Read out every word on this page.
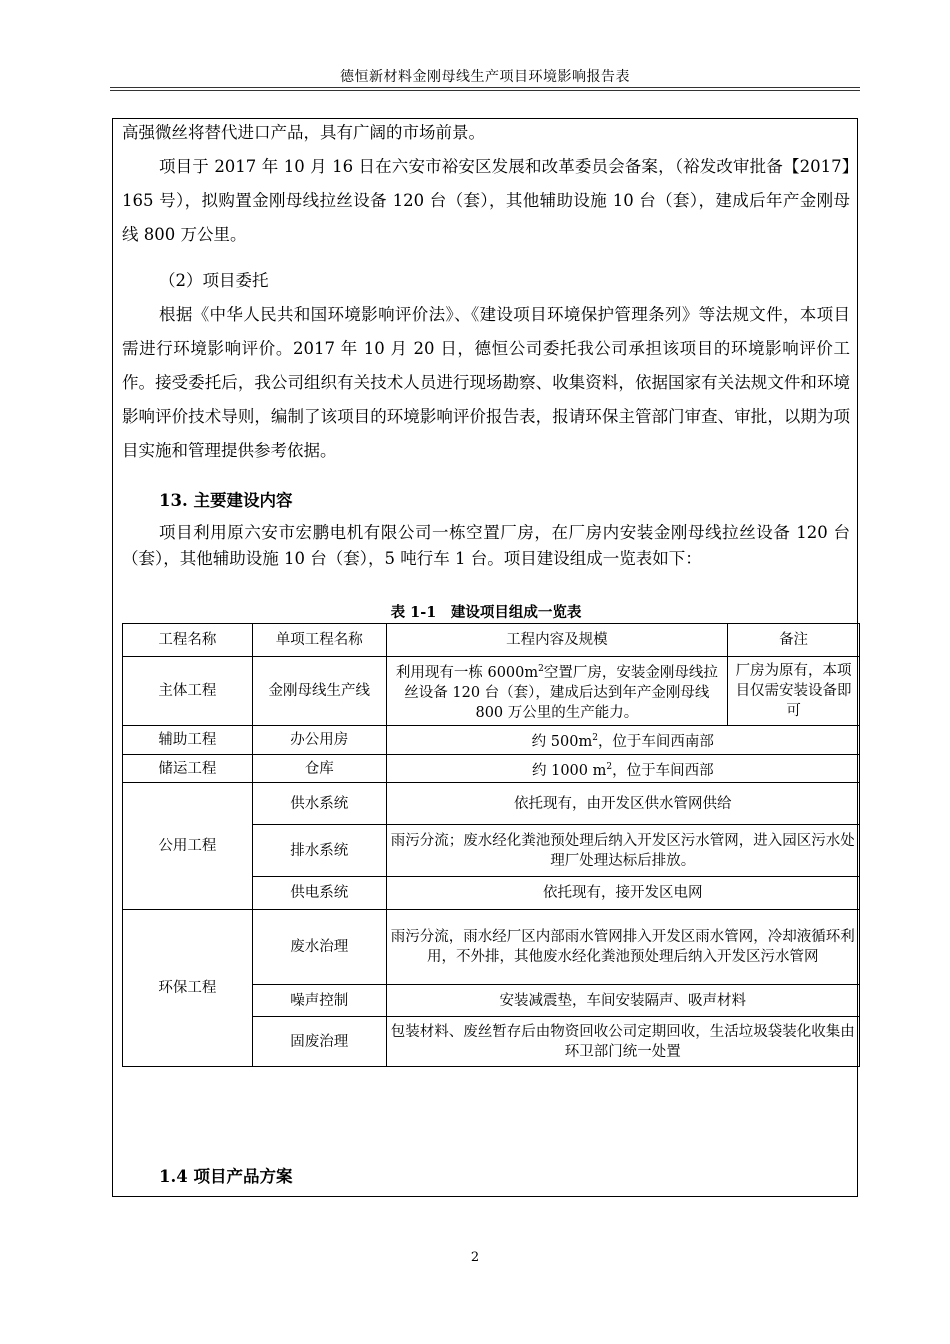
德恒新材料金刚母线生产项目环境影响报告表

高强微丝将替代进口产品，具有广阔的市场前景。

项目于 2017 年 10 月 16 日在六安市裕安区发展和改革委员会备案，（裕发改审批备【2017】165 号），拟购置金刚母线拉丝设备 120 台（套），其他辅助设施 10 台（套），建成后年产金刚母线 800 万公里。

（2）项目委托

根据《中华人民共和国环境影响评价法》、《建设项目环境保护管理条列》等法规文件，本项目需进行环境影响评价。2017 年 10 月 20 日，德恒公司委托我公司承担该项目的环境影响评价工作。接受委托后，我公司组织有关技术人员进行现场勘察、收集资料，依据国家有关法规文件和环境影响评价技术导则，编制了该项目的环境影响评价报告表，报请环保主管部门审查、审批，以期为项目实施和管理提供参考依据。

13. 主要建设内容

项目利用原六安市宏鹏电机有限公司一栋空置厂房，在厂房内安装金刚母线拉丝设备 120 台（套），其他辅助设施 10 台（套），5 吨行车 1 台。项目建设组成一览表如下：

表 1-1　建设项目组成一览表
工程名称	单项工程名称	工程内容及规模	备注
主体工程	金刚母线生产线	利用现有一栋 $6000m^2$空置厂房，安装金刚母线拉丝设备 120 台（套），建成后达到年产金刚母线 800 万公里的生产能力。	厂房为原有，本项目仅需安装设备即可
辅助工程	办公用房	约 $500m^2$，位于车间西南部	
储运工程	仓库	约 1000 $m^2$，位于车间西部	
公用工程	供水系统	依托现有，由开发区供水管网供给	
	排水系统	雨污分流；废水经化粪池预处理后纳入开发区污水管网，进入园区污水处理厂处理达标后排放。	
	供电系统	依托现有，接开发区电网	
环保工程	废水治理	雨污分流，雨水经厂区内部雨水管网排入开发区雨水管网，冷却液循环利用，不外排，其他废水经化粪池预处理后纳入开发区污水管网	
	噪声控制	安装减震垫，车间安装隔声、吸声材料	
	固废治理	包装材料、废丝暂存后由物资回收公司定期回收，生活垃圾袋装化收集由环卫部门统一处置	

1.4 项目产品方案

2
